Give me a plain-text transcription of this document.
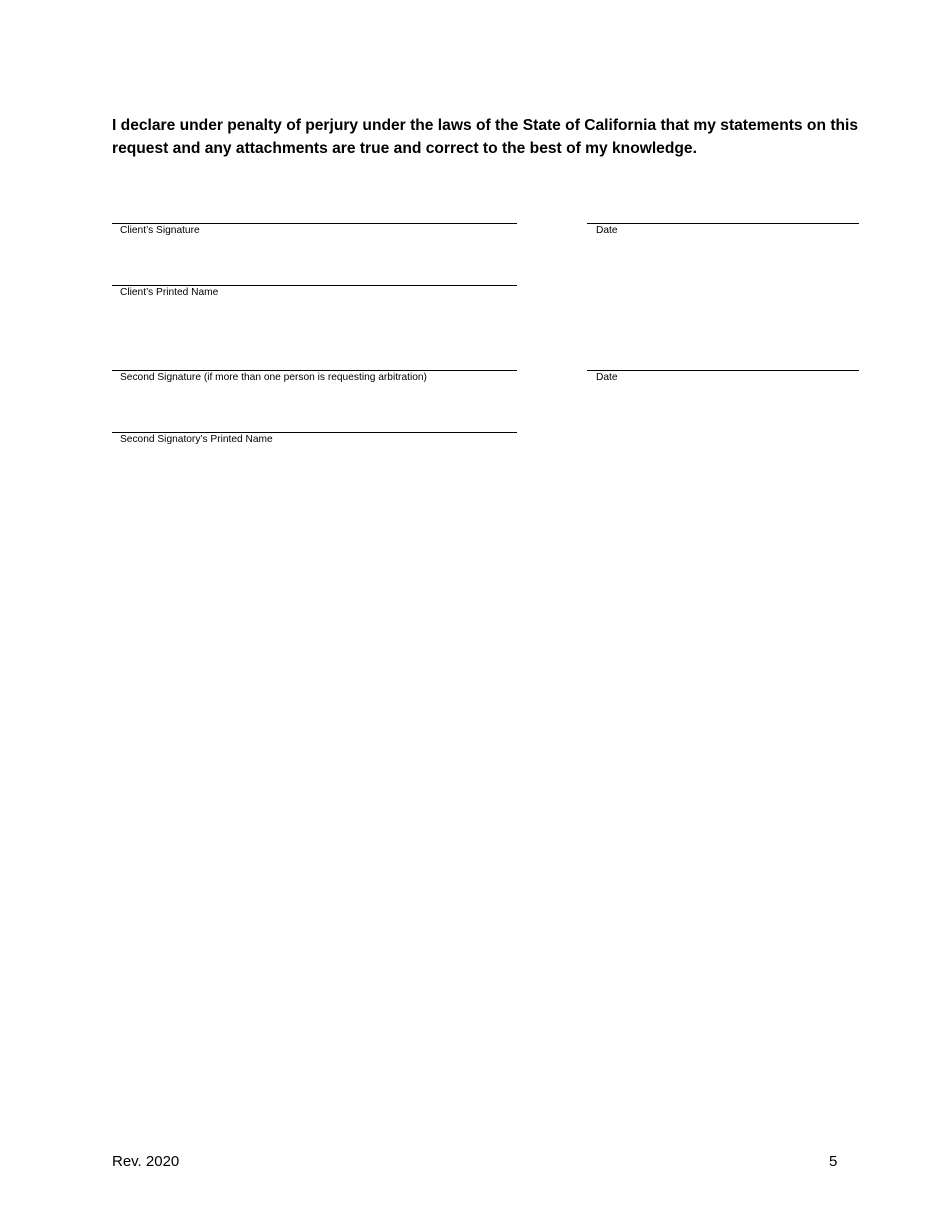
I declare under penalty of perjury under the laws of the State of California that my statements on this request and any attachments are true and correct to the best of my knowledge.

Client’s Signature	Date
Client’s Printed Name
Second Signature (if more than one person is requesting arbitration)	Date
Second Signatory’s Printed Name
Rev. 2020	5
